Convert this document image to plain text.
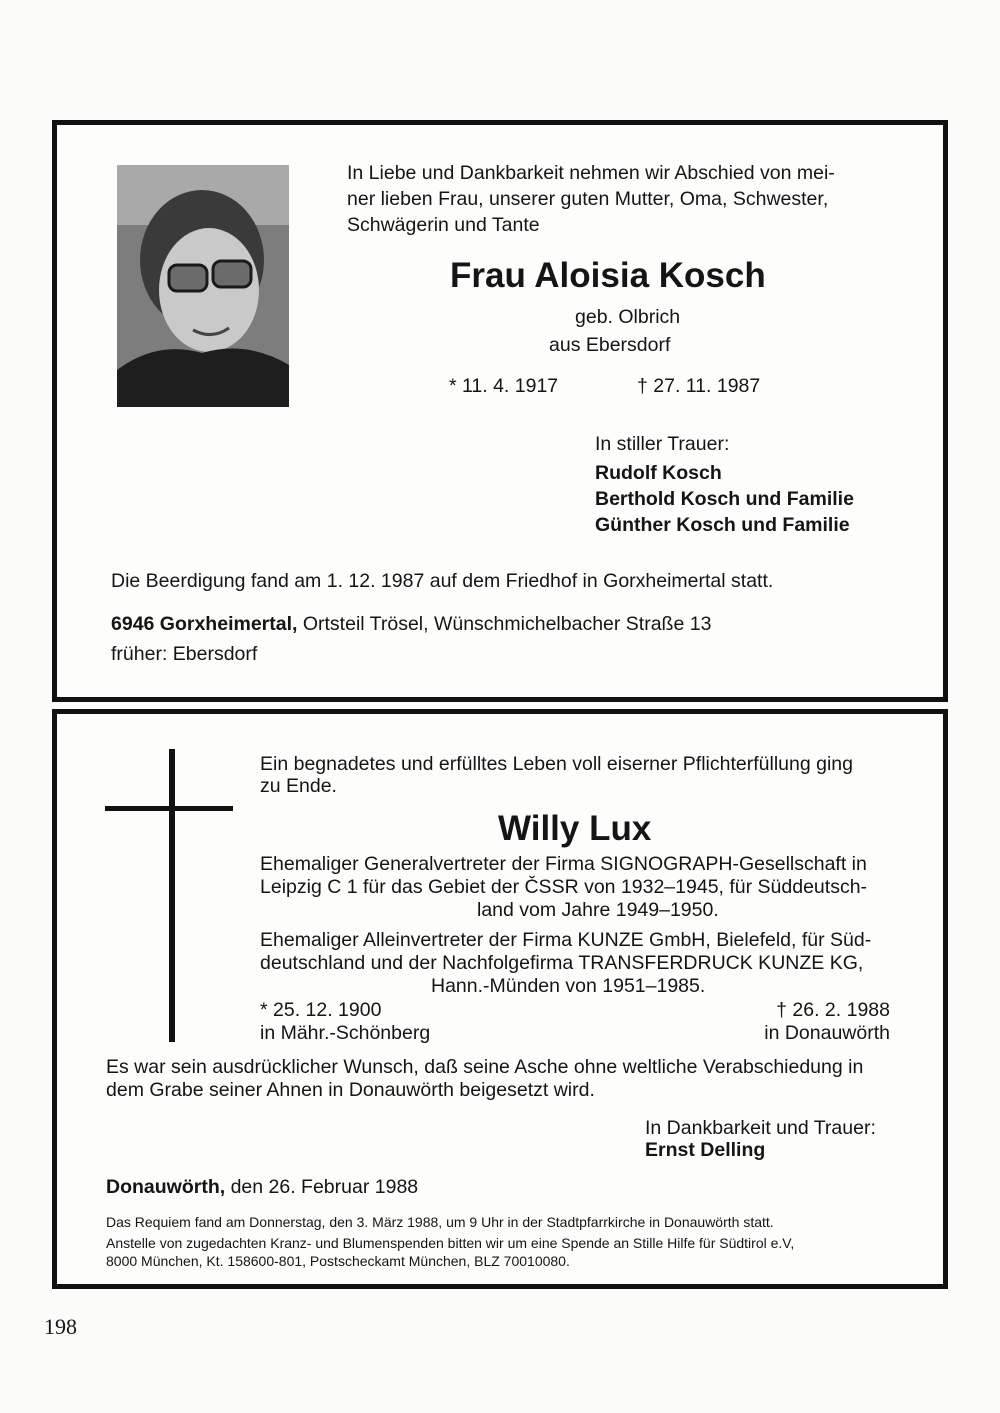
In Liebe und Dankbarkeit nehmen wir Abschied von mei-
ner lieben Frau, unserer guten Mutter, Oma, Schwester,
Schwägerin und Tante
Frau Aloisia Kosch
geb. Olbrich
aus Ebersdorf
* 11. 4. 1917	† 27. 11. 1987
In stiller Trauer:
Rudolf Kosch
Berthold Kosch und Familie
Günther Kosch und Familie
Die Beerdigung fand am 1. 12. 1987 auf dem Friedhof in Gorxheimertal statt.
6946 Gorxheimertal, Ortsteil Trösel, Wünschmichelbacher Straße 13
früher: Ebersdorf
Ein begnadetes und erfülltes Leben voll eiserner Pflichterfüllung ging
zu Ende.
Willy Lux
Ehemaliger Generalvertreter der Firma SIGNOGRAPH-Gesellschaft in
Leipzig C 1 für das Gebiet der ČSSR von 1932–1945, für Süddeutsch-
land vom Jahre 1949–1950.
Ehemaliger Alleinvertreter der Firma KUNZE GmbH, Bielefeld, für Süd-
deutschland und der Nachfolgefirma TRANSFERDRUCK KUNZE KG,
Hann.-Münden von 1951–1985.
* 25. 12. 1900
in Mähr.-Schönberg
† 26. 2. 1988
in Donauwörth
Es war sein ausdrücklicher Wunsch, daß seine Asche ohne weltliche Verabschiedung in
dem Grabe seiner Ahnen in Donauwörth beigesetzt wird.
In Dankbarkeit und Trauer:
Ernst Delling
Donauwörth, den 26. Februar 1988
Das Requiem fand am Donnerstag, den 3. März 1988, um 9 Uhr in der Stadtpfarrkirche in Donauwörth statt.
Anstelle von zugedachten Kranz- und Blumenspenden bitten wir um eine Spende an Stille Hilfe für Südtirol e.V,
8000 München, Kt. 158600-801, Postscheckamt München, BLZ 70010080.
198
